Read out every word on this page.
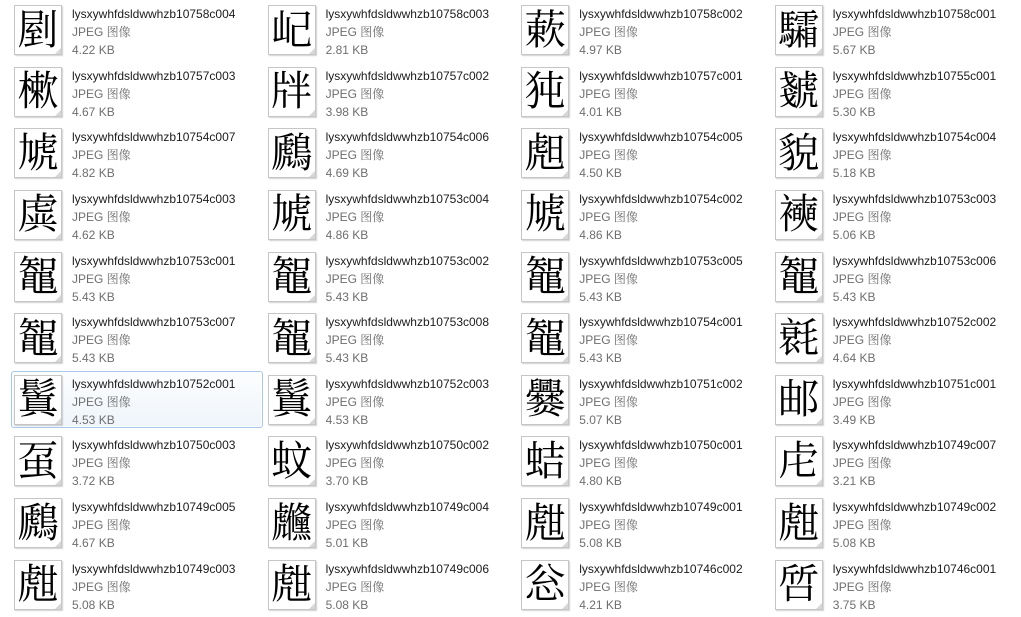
剭 lysxywhfdsldwwhzb10758c004
JPEG 图像
4.22 KB	屺 lysxywhfdsldwwhzb10758c003
JPEG 图像
2.81 KB	蔌 lysxywhfdsldwwhzb10758c002
JPEG 图像
4.97 KB	驦 lysxywhfdsldwwhzb10758c001
JPEG 图像
5.67 KB
樕 lysxywhfdsldwwhzb10757c003
JPEG 图像
4.67 KB	牉 lysxywhfdsldwwhzb10757c002
JPEG 图像
3.98 KB	㹠 lysxywhfdsldwwhzb10757c001
JPEG 图像
4.01 KB	虦 lysxywhfdsldwwhzb10755c001
JPEG 图像
5.30 KB
虓 lysxywhfdsldwwhzb10754c007
JPEG 图像
4.82 KB	鷉 lysxywhfdsldwwhzb10754c006
JPEG 图像
4.69 KB	䖑 lysxywhfdsldwwhzb10754c005
JPEG 图像
4.50 KB	貌 lysxywhfdsldwwhzb10754c004
JPEG 图像
5.18 KB
虡 lysxywhfdsldwwhzb10754c003
JPEG 图像
4.62 KB	虓 lysxywhfdsldwwhzb10753c004
JPEG 图像
4.86 KB	虓 lysxywhfdsldwwhzb10754c002
JPEG 图像
4.86 KB	襫 lysxywhfdsldwwhzb10753c003
JPEG 图像
5.06 KB
鼅 lysxywhfdsldwwhzb10753c001
JPEG 图像
5.43 KB	鼅 lysxywhfdsldwwhzb10753c002
JPEG 图像
5.43 KB	鼅 lysxywhfdsldwwhzb10753c005
JPEG 图像
5.43 KB	鼅 lysxywhfdsldwwhzb10753c006
JPEG 图像
5.43 KB
鼅 lysxywhfdsldwwhzb10753c007
JPEG 图像
5.43 KB	鼅 lysxywhfdsldwwhzb10753c008
JPEG 图像
5.43 KB	鼅 lysxywhfdsldwwhzb10754c001
JPEG 图像
5.43 KB	㲤 lysxywhfdsldwwhzb10752c002
JPEG 图像
4.64 KB
鬒 lysxywhfdsldwwhzb10752c001
JPEG 图像
4.53 KB	鬒 lysxywhfdsldwwhzb10752c003
JPEG 图像
4.53 KB	爨 lysxywhfdsldwwhzb10751c002
JPEG 图像
5.07 KB	邮 lysxywhfdsldwwhzb10751c001
JPEG 图像
3.49 KB
虿 lysxywhfdsldwwhzb10750c003
JPEG 图像
3.72 KB	蚊 lysxywhfdsldwwhzb10750c002
JPEG 图像
3.70 KB	蛣 lysxywhfdsldwwhzb10750c001
JPEG 图像
4.80 KB	虍 lysxywhfdsldwwhzb10749c007
JPEG 图像
3.21 KB
鷉 lysxywhfdsldwwhzb10749c005
JPEG 图像
4.67 KB	虪 lysxywhfdsldwwhzb10749c004
JPEG 图像
5.01 KB	甝 lysxywhfdsldwwhzb10749c001
JPEG 图像
5.08 KB	甝 lysxywhfdsldwwhzb10749c002
JPEG 图像
5.08 KB
甝 lysxywhfdsldwwhzb10749c003
JPEG 图像
5.08 KB	甝 lysxywhfdsldwwhzb10749c006
JPEG 图像
5.08 KB	忩 lysxywhfdsldwwhzb10746c002
JPEG 图像
4.21 KB	啠 lysxywhfdsldwwhzb10746c001
JPEG 图像
3.75 KB
